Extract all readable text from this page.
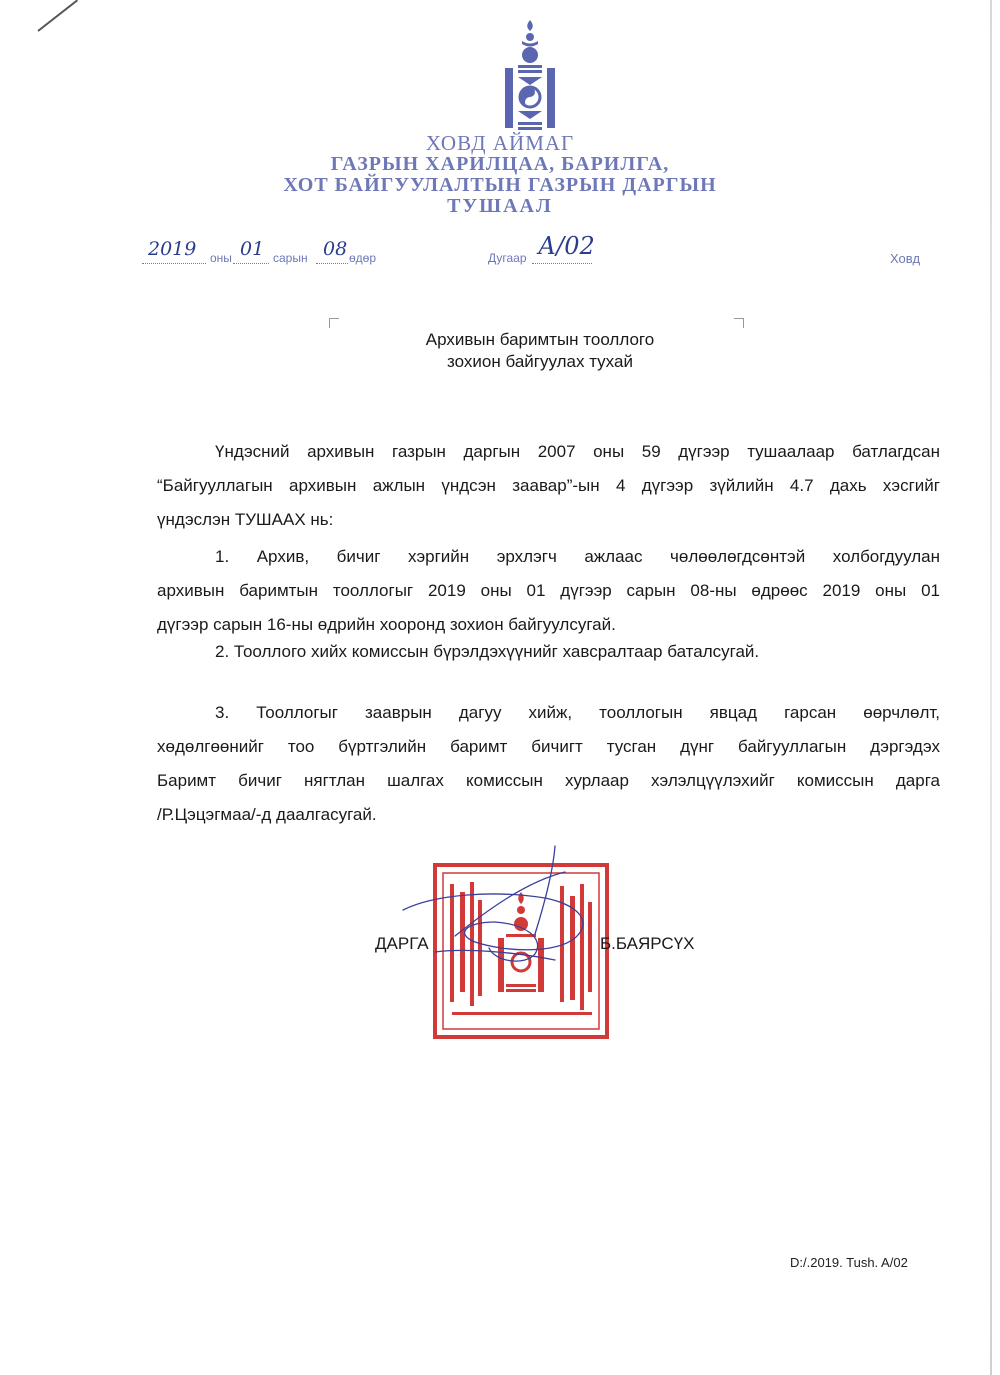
ХОВД АЙМАГ
ГАЗРЫН ХАРИЛЦАА, БАРИЛГА,
ХОТ БАЙГУУЛАЛТЫН ГАЗРЫН ДАРГЫН
ТУШААЛ
2019 оны 01 сарын 08 өдөр	Дугаар А/02	Ховд
Архивын баримтын тооллого
зохион байгуулах тухай
Үндэсний архивын газрын даргын 2007 оны 59 дүгээр тушаалаар батлагдсан
“Байгууллагын архивын ажлын үндсэн заавар”-ын 4 дүгээр зүйлийн 4.7 дахь хэсгийг
үндэслэн ТУШААХ нь:
1. Архив, бичиг хэргийн эрхлэгч ажлаас чөлөөлөгдсөнтэй холбогдуулан
архивын баримтын тооллогыг 2019 оны 01 дүгээр сарын 08-ны өдрөөс 2019 оны 01
дүгээр сарын 16-ны өдрийн хооронд зохион байгуулсугай.
2. Тооллого хийх комиссын бүрэлдэхүүнийг хавсралтаар баталсугай.
3. Тооллогыг зааврын дагуу хийж, тооллогын явцад гарсан өөрчлөлт,
хөдөлгөөнийг тоо бүртгэлийн баримт бичигт тусган дүнг байгууллагын дэргэдэх
Баримт бичиг нягтлан шалгах комиссын хурлаар хэлэлцүүлэхийг комиссын дарга
/Р.Цэцэгмаа/-д даалгасугай.
ДАРГА	Б.БАЯРСҮХ
D:/.2019. Tush. A/02
